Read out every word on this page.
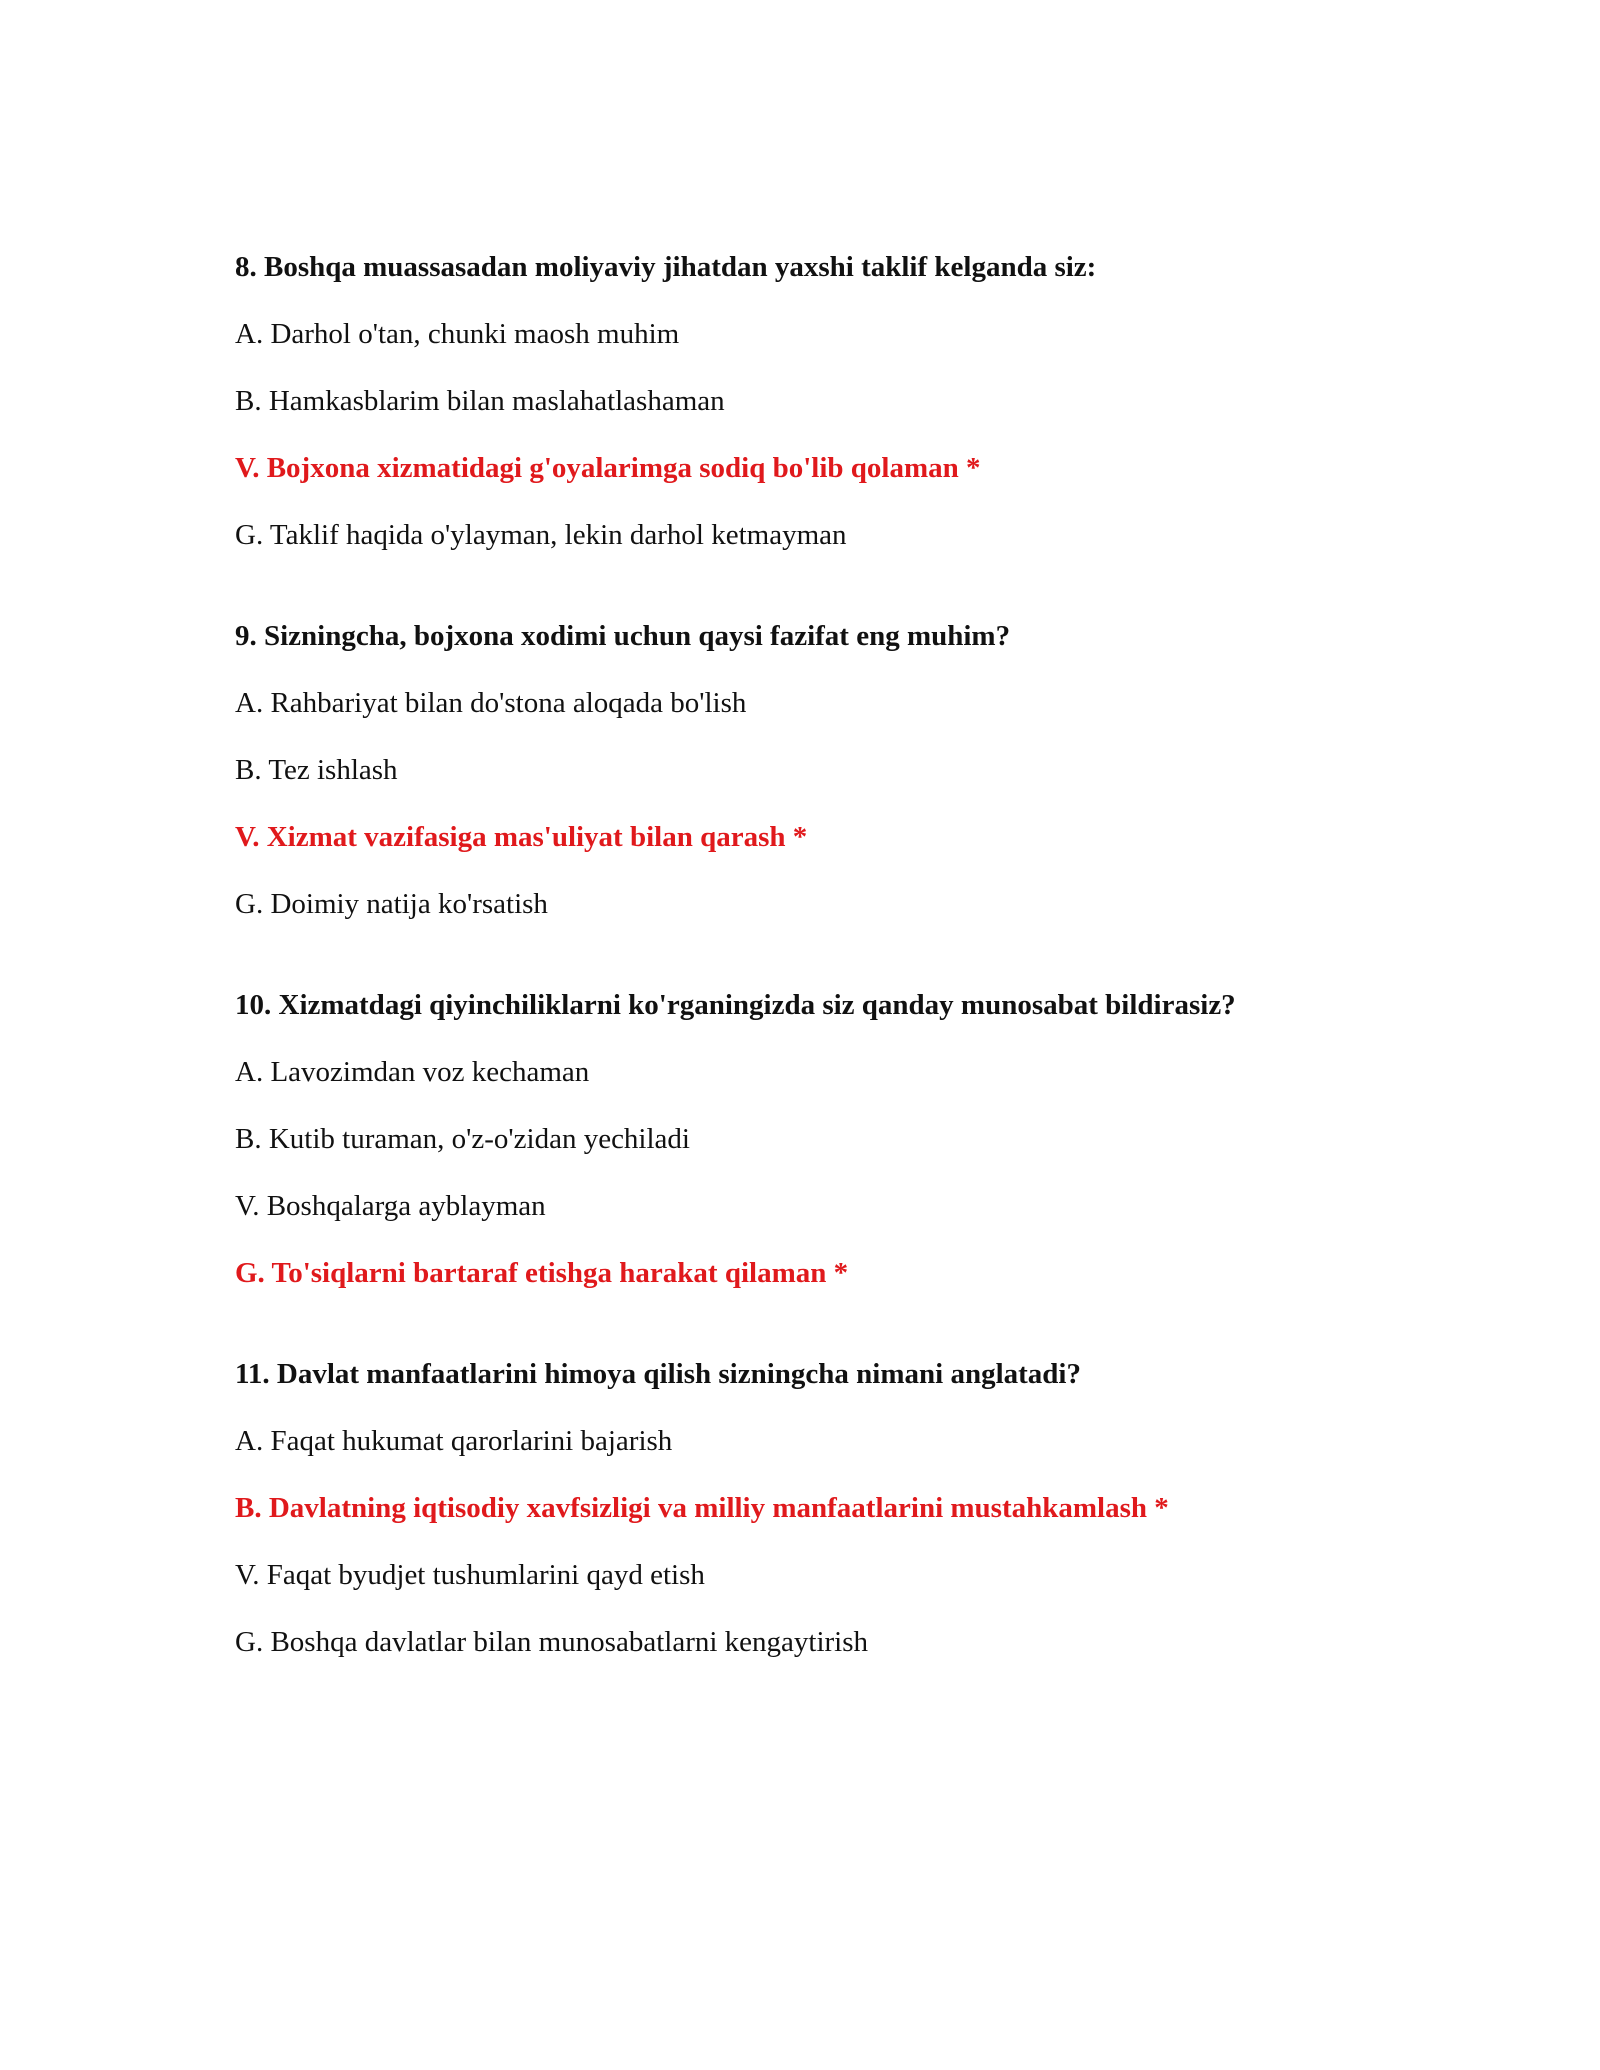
8. Boshqa muassasadan moliyaviy jihatdan yaxshi taklif kelganda siz:

A. Darhol o'tan, chunki maosh muhim

B. Hamkasblarim bilan maslahatlashaman

V. Bojxona xizmatidagi g'oyalarimga sodiq bo'lib qolaman *

G. Taklif haqida o'ylayman, lekin darhol ketmayman

9. Sizningcha, bojxona xodimi uchun qaysi fazifat eng muhim?

A. Rahbariyat bilan do'stona aloqada bo'lish

B. Tez ishlash

V. Xizmat vazifasiga mas'uliyat bilan qarash *

G. Doimiy natija ko'rsatish

10. Xizmatdagi qiyinchiliklarni ko'rganingizda siz qanday munosabat bildirasiz?

A. Lavozimdan voz kechaman

B. Kutib turaman, o'z-o'zidan yechiladi

V. Boshqalarga ayblayman

G. To'siqlarni bartaraf etishga harakat qilaman *

11. Davlat manfaatlarini himoya qilish sizningcha nimani anglatadi?

A. Faqat hukumat qarorlarini bajarish

B. Davlatning iqtisodiy xavfsizligi va milliy manfaatlarini mustahkamlash *

V. Faqat byudjet tushumlarini qayd etish

G. Boshqa davlatlar bilan munosabatlarni kengaytirish
